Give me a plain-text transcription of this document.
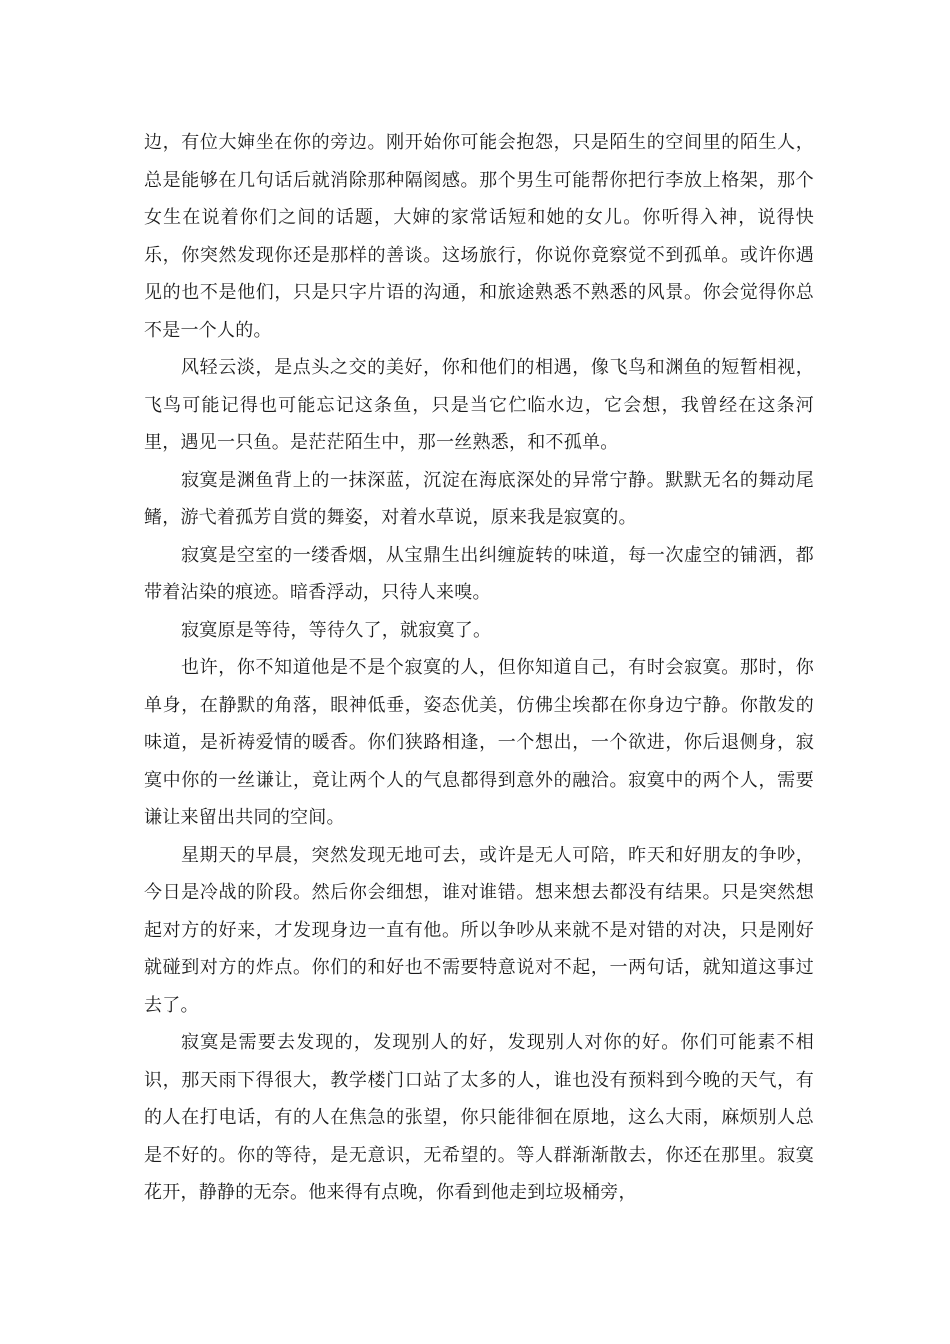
边，有位大婶坐在你的旁边。刚开始你可能会抱怨，只是陌生的空间里的陌生人，总是能够在几句话后就消除那种隔阂感。那个男生可能帮你把行李放上格架，那个女生在说着你们之间的话题，大婶的家常话短和她的女儿。你听得入神，说得快乐，你突然发现你还是那样的善谈。这场旅行，你说你竟察觉不到孤单。或许你遇见的也不是他们，只是只字片语的沟通，和旅途熟悉不熟悉的风景。你会觉得你总不是一个人的。

风轻云淡，是点头之交的美好，你和他们的相遇，像飞鸟和渊鱼的短暂相视，飞鸟可能记得也可能忘记这条鱼，只是当它伫临水边，它会想，我曾经在这条河里，遇见一只鱼。是茫茫陌生中，那一丝熟悉，和不孤单。

寂寞是渊鱼背上的一抹深蓝，沉淀在海底深处的异常宁静。默默无名的舞动尾鳍，游弋着孤芳自赏的舞姿，对着水草说，原来我是寂寞的。

寂寞是空室的一缕香烟，从宝鼎生出纠缠旋转的味道，每一次虚空的铺洒，都带着沾染的痕迹。暗香浮动，只待人来嗅。

寂寞原是等待，等待久了，就寂寞了。

也许，你不知道他是不是个寂寞的人，但你知道自己，有时会寂寞。那时，你单身，在静默的角落，眼神低垂，姿态优美，仿佛尘埃都在你身边宁静。你散发的味道，是祈祷爱情的暖香。你们狭路相逢，一个想出，一个欲进，你后退侧身，寂寞中你的一丝谦让，竟让两个人的气息都得到意外的融洽。寂寞中的两个人，需要谦让来留出共同的空间。

星期天的早晨，突然发现无地可去，或许是无人可陪，昨天和好朋友的争吵，今日是冷战的阶段。然后你会细想，谁对谁错。想来想去都没有结果。只是突然想起对方的好来，才发现身边一直有他。所以争吵从来就不是对错的对决，只是刚好就碰到对方的炸点。你们的和好也不需要特意说对不起，一两句话，就知道这事过去了。

寂寞是需要去发现的，发现别人的好，发现别人对你的好。你们可能素不相识，那天雨下得很大，教学楼门口站了太多的人，谁也没有预料到今晚的天气，有的人在打电话，有的人在焦急的张望，你只能徘徊在原地，这么大雨，麻烦别人总是不好的。你的等待，是无意识，无希望的。等人群渐渐散去，你还在那里。寂寞花开，静静的无奈。他来得有点晚，你看到他走到垃圾桶旁，
